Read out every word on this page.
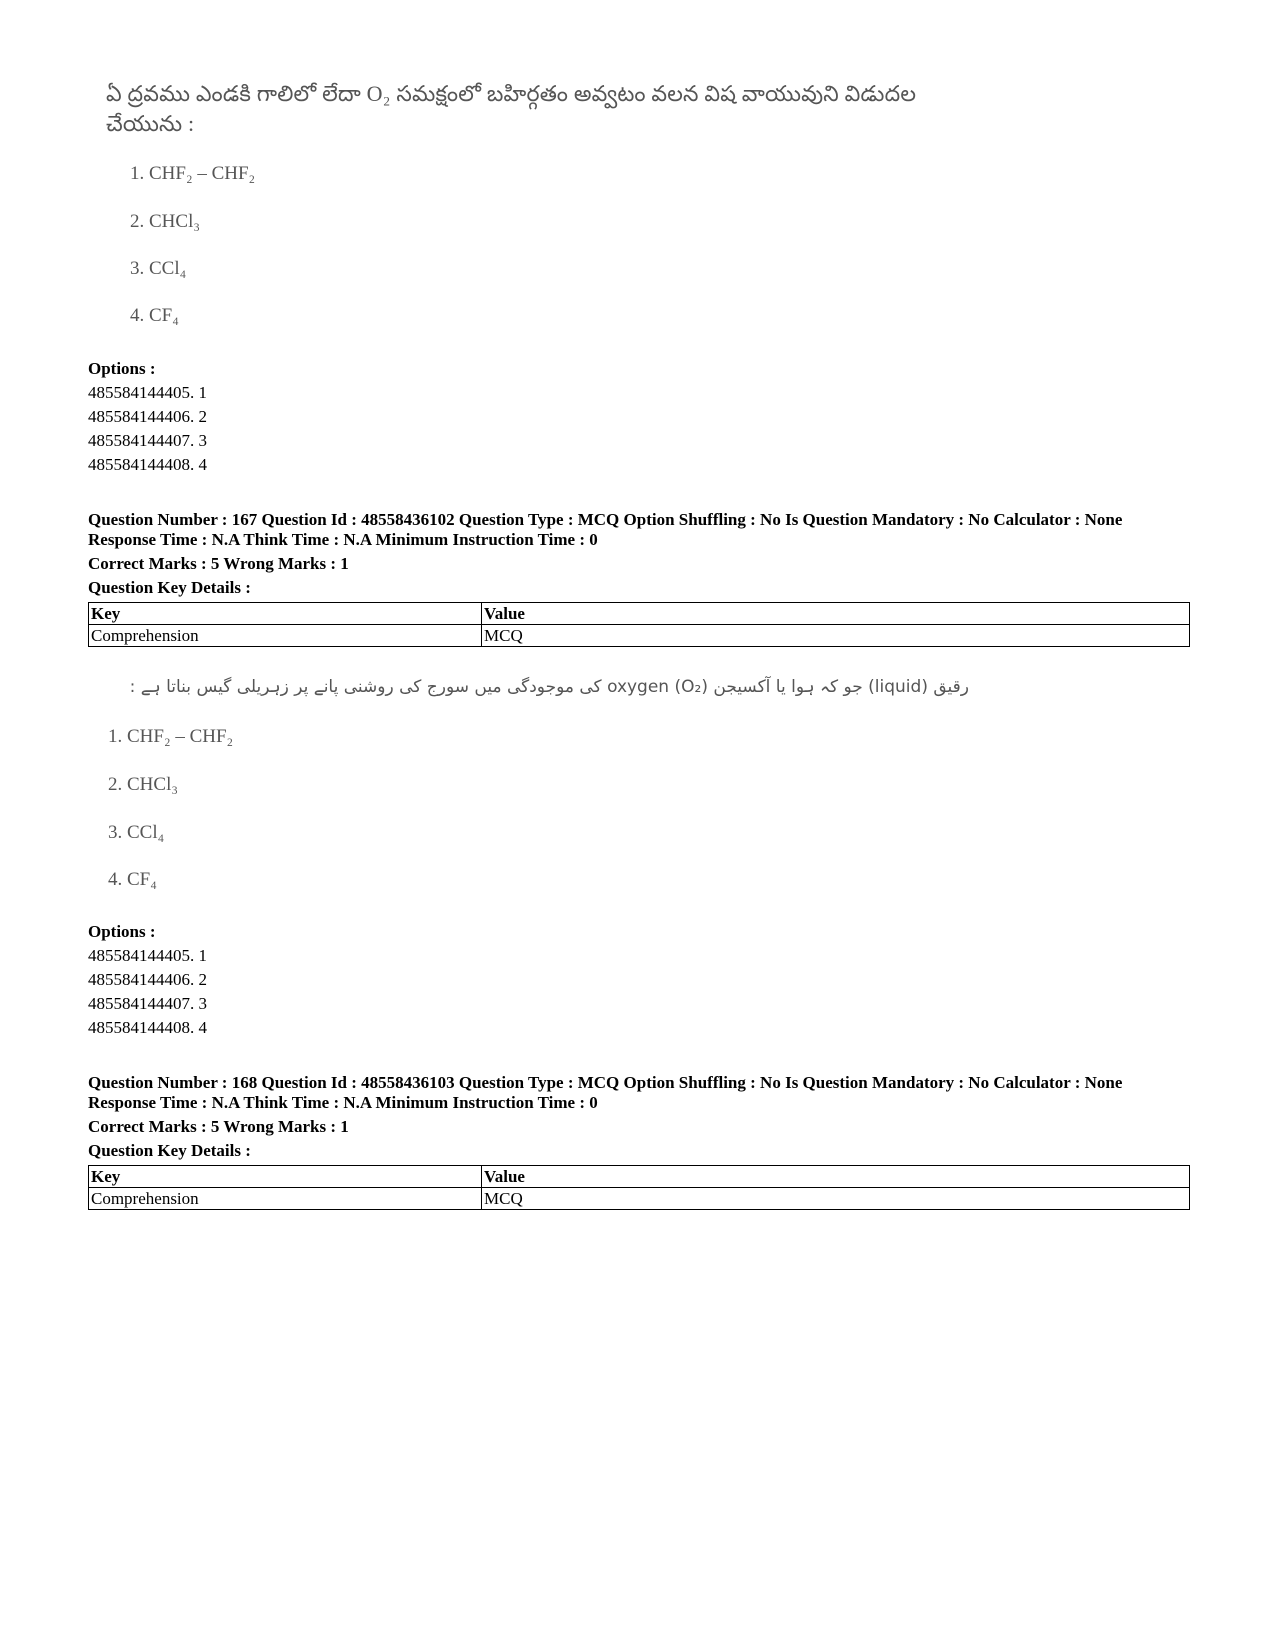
ఏ ద్రవము ఎండకి గాలిలో లేదా O₂ సమక్షంలో బహిర్గతం అవ్వటం వలన విష వాయువుని విడుదల
చేయును :
1. CHF₂ – CHF₂
2. CHCl₃
3. CCl₄
4. CF₄
Options :
485584144405. 1
485584144406. 2
485584144407. 3
485584144408. 4
Question Number : 167 Question Id : 48558436102 Question Type : MCQ Option Shuffling : No Is Question Mandatory : No Calculator : None
Response Time : N.A Think Time : N.A Minimum Instruction Time : 0
Correct Marks : 5 Wrong Marks : 1
Question Key Details :
Key	Value
Comprehension	MCQ
رقیق (liquid) جو کہ ہوا یا آکسیجن (O₂) oxygen کی موجودگی میں سورج کی روشنی پانے پر زہریلی گیس بناتا ہے :
1. CHF₂ – CHF₂
2. CHCl₃
3. CCl₄
4. CF₄
Options :
485584144405. 1
485584144406. 2
485584144407. 3
485584144408. 4
Question Number : 168 Question Id : 48558436103 Question Type : MCQ Option Shuffling : No Is Question Mandatory : No Calculator : None
Response Time : N.A Think Time : N.A Minimum Instruction Time : 0
Correct Marks : 5 Wrong Marks : 1
Question Key Details :
Key	Value
Comprehension	MCQ
